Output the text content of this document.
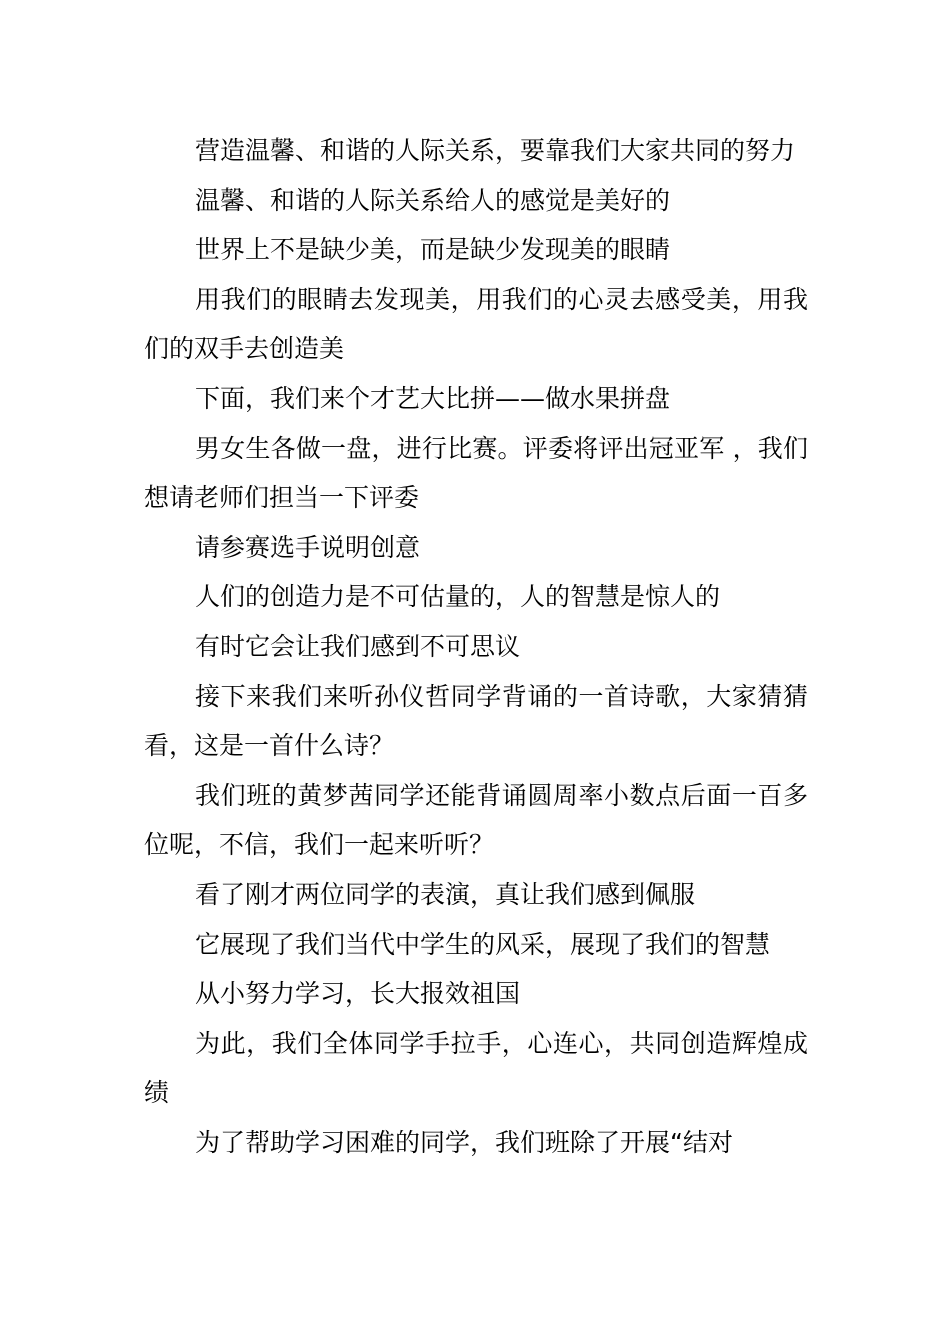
营造温馨、和谐的人际关系，要靠我们大家共同的努力

温馨、和谐的人际关系给人的感觉是美好的

世界上不是缺少美，而是缺少发现美的眼睛

用我们的眼睛去发现美，用我们的心灵去感受美，用我们的双手去创造美

下面，我们来个才艺大比拼——做水果拼盘

男女生各做一盘，进行比赛。评委将评出冠亚军 ，我们想请老师们担当一下评委

请参赛选手说明创意

人们的创造力是不可估量的，人的智慧是惊人的

有时它会让我们感到不可思议

接下来我们来听孙仪哲同学背诵的一首诗歌，大家猜猜看，这是一首什么诗？

我们班的黄梦茜同学还能背诵圆周率小数点后面一百多位呢，不信，我们一起来听听？

看了刚才两位同学的表演，真让我们感到佩服

它展现了我们当代中学生的风采，展现了我们的智慧

从小努力学习，长大报效祖国

为此，我们全体同学手拉手，心连心，共同创造辉煌成绩

为了帮助学习困难的同学，我们班除了开展“结对
